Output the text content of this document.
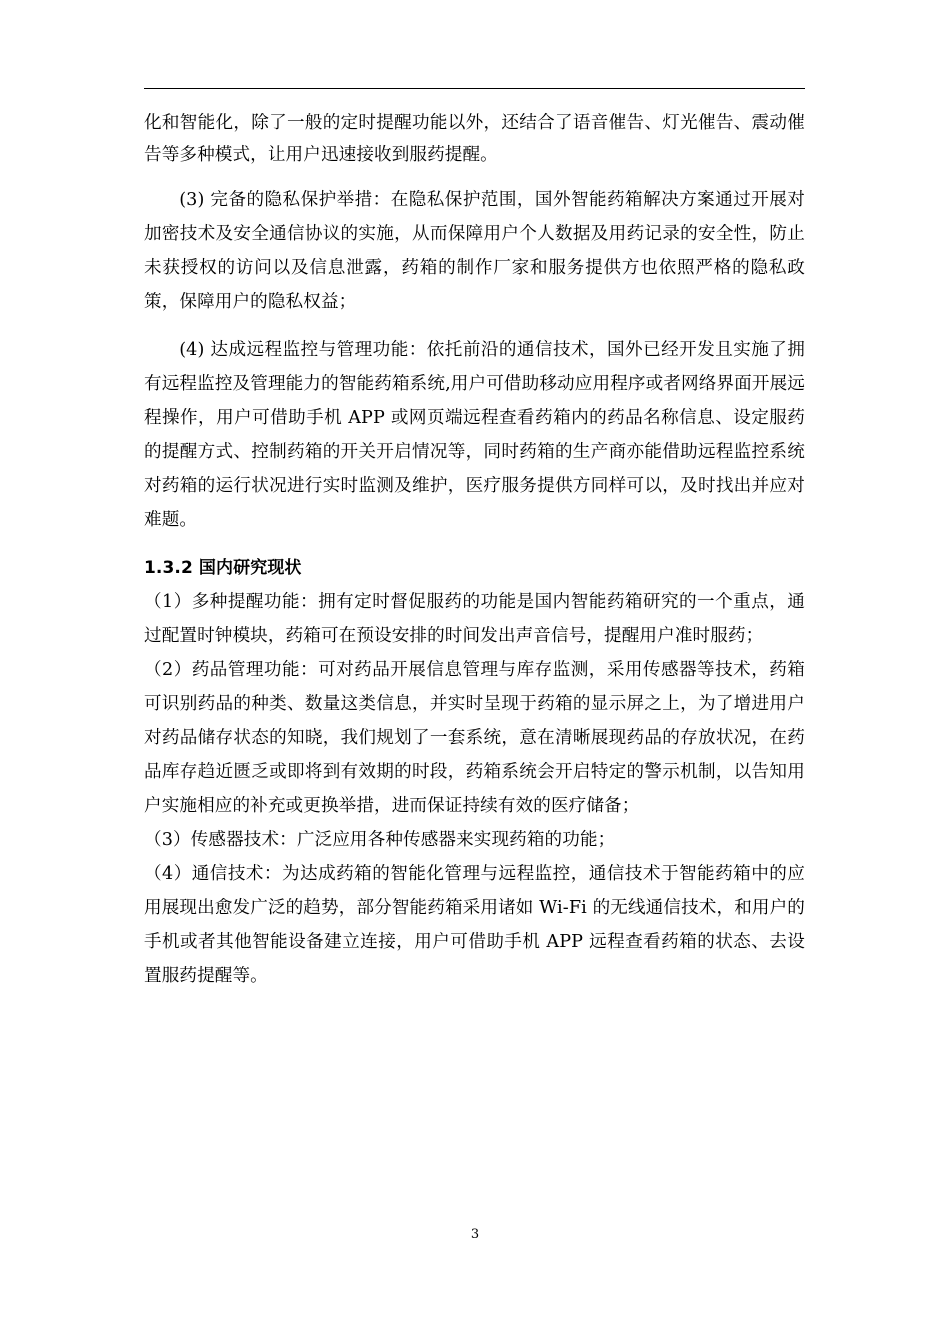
化和智能化，除了一般的定时提醒功能以外，还结合了语音催告、灯光催告、震动催告等多种模式，让用户迅速接收到服药提醒。

(3) 完备的隐私保护举措：在隐私保护范围，国外智能药箱解决方案通过开展对加密技术及安全通信协议的实施，从而保障用户个人数据及用药记录的安全性，防止未获授权的访问以及信息泄露，药箱的制作厂家和服务提供方也依照严格的隐私政策，保障用户的隐私权益；

(4) 达成远程监控与管理功能：依托前沿的通信技术，国外已经开发且实施了拥有远程监控及管理能力的智能药箱系统,用户可借助移动应用程序或者网络界面开展远程操作，用户可借助手机 APP 或网页端远程查看药箱内的药品名称信息、设定服药的提醒方式、控制药箱的开关开启情况等，同时药箱的生产商亦能借助远程监控系统对药箱的运行状况进行实时监测及维护，医疗服务提供方同样可以，及时找出并应对难题。

1.3.2 国内研究现状

（1）多种提醒功能：拥有定时督促服药的功能是国内智能药箱研究的一个重点，通过配置时钟模块，药箱可在预设安排的时间发出声音信号，提醒用户准时服药；

（2）药品管理功能：可对药品开展信息管理与库存监测，采用传感器等技术，药箱可识别药品的种类、数量这类信息，并实时呈现于药箱的显示屏之上，为了增进用户对药品储存状态的知晓，我们规划了一套系统，意在清晰展现药品的存放状况，在药品库存趋近匮乏或即将到有效期的时段，药箱系统会开启特定的警示机制，以告知用户实施相应的补充或更换举措，进而保证持续有效的医疗储备；

（3）传感器技术：广泛应用各种传感器来实现药箱的功能；

（4）通信技术：为达成药箱的智能化管理与远程监控，通信技术于智能药箱中的应用展现出愈发广泛的趋势，部分智能药箱采用诸如 Wi-Fi 的无线通信技术，和用户的手机或者其他智能设备建立连接，用户可借助手机 APP 远程查看药箱的状态、去设置服药提醒等。

3
